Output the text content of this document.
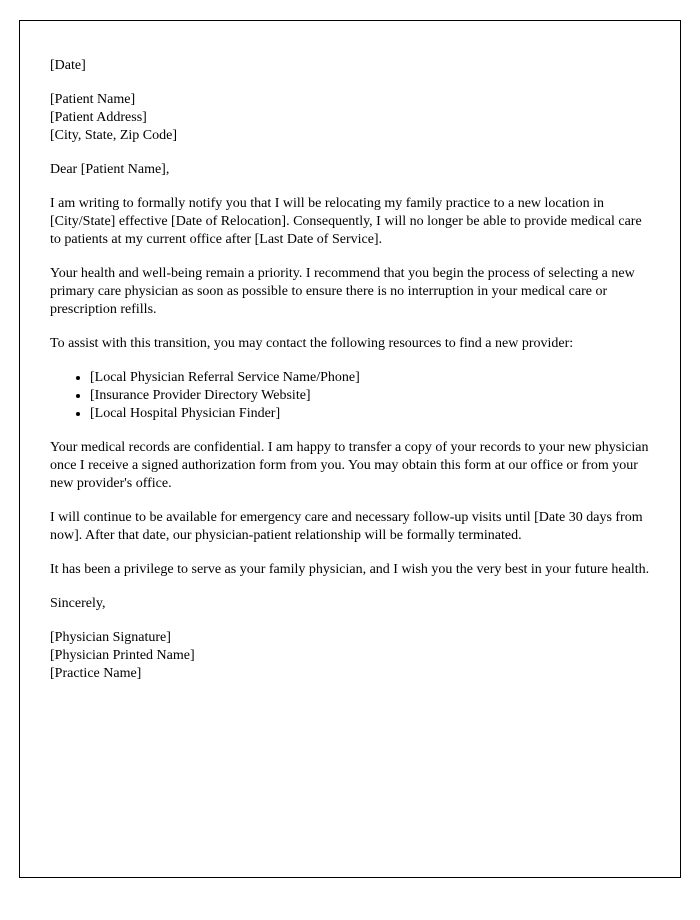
[Date]

[Patient Name]

[Patient Address]

[City, State, Zip Code]

Dear [Patient Name],

I am writing to formally notify you that I will be relocating my family practice to a new location in [City/State] effective [Date of Relocation]. Consequently, I will no longer be able to provide medical care to patients at my current office after [Last Date of Service].

Your health and well-being remain a priority. I recommend that you begin the process of selecting a new primary care physician as soon as possible to ensure there is no interruption in your medical care or prescription refills.

To assist with this transition, you may contact the following resources to find a new provider:

• [Local Physician Referral Service Name/Phone]
• [Insurance Provider Directory Website]
• [Local Hospital Physician Finder]

Your medical records are confidential. I am happy to transfer a copy of your records to your new physician once I receive a signed authorization form from you. You may obtain this form at our office or from your new provider's office.

I will continue to be available for emergency care and necessary follow-up visits until [Date 30 days from now]. After that date, our physician-patient relationship will be formally terminated.

It has been a privilege to serve as your family physician, and I wish you the very best in your future health.

Sincerely,

[Physician Signature]

[Physician Printed Name]

[Practice Name]
